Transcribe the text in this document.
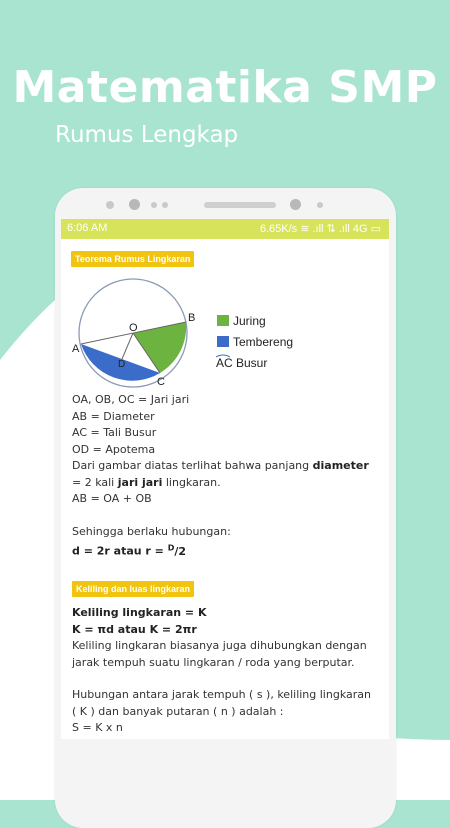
Matematika SMP
Rumus Lengkap
6:06 AM	6.65K/s ≋ .ıll ⇅ .ıll 4G ▭
Teorema Rumus Lingkaran
O
B
A
C
D
Juring
Tembereng
AC Busur
OA, OB, OC = Jari jari
AB = Diameter
AC = Tali Busur
OD = Apotema
Dari gambar diatas terlihat bahwa panjang diameter
= 2 kali jari jari lingkaran.
AB = OA + OB
Sehingga berlaku hubungan:
d = 2r atau r = $^D$/2
Keliling dan luas lingkaran
Keliling lingkaran = K
K = πd atau K = 2πr
Keliling lingkaran biasanya juga dihubungkan dengan
jarak tempuh suatu lingkaran / roda yang berputar.
Hubungan antara jarak tempuh ( s ), keliling lingkaran
( K ) dan banyak putaran ( n ) adalah :
S = K x n
